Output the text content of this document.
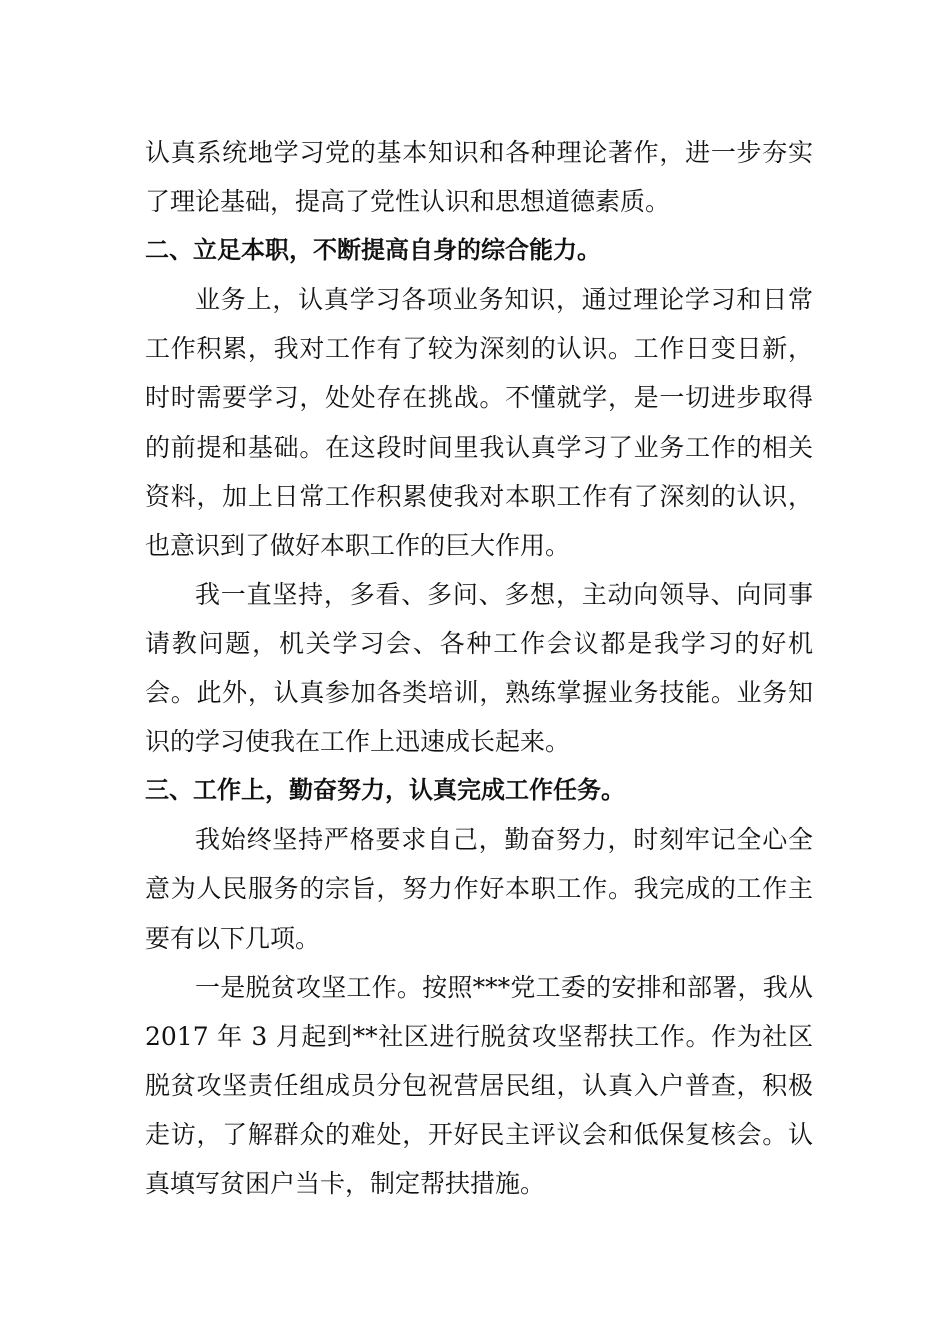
认真系统地学习党的基本知识和各种理论著作，进一步夯实了理论基础，提高了党性认识和思想道德素质。

二、立足本职，不断提高自身的综合能力。

业务上，认真学习各项业务知识，通过理论学习和日常工作积累，我对工作有了较为深刻的认识。工作日变日新，时时需要学习，处处存在挑战。不懂就学，是一切进步取得的前提和基础。在这段时间里我认真学习了业务工作的相关资料，加上日常工作积累使我对本职工作有了深刻的认识，也意识到了做好本职工作的巨大作用。

我一直坚持，多看、多问、多想，主动向领导、向同事请教问题，机关学习会、各种工作会议都是我学习的好机会。此外，认真参加各类培训，熟练掌握业务技能。业务知识的学习使我在工作上迅速成长起来。

三、工作上，勤奋努力，认真完成工作任务。

我始终坚持严格要求自己，勤奋努力，时刻牢记全心全意为人民服务的宗旨，努力作好本职工作。我完成的工作主要有以下几项。

一是脱贫攻坚工作。按照***党工委的安排和部署，我从 2017 年 3 月起到**社区进行脱贫攻坚帮扶工作。作为社区脱贫攻坚责任组成员分包祝营居民组，认真入户普查，积极走访，了解群众的难处，开好民主评议会和低保复核会。认真填写贫困户当卡，制定帮扶措施。
